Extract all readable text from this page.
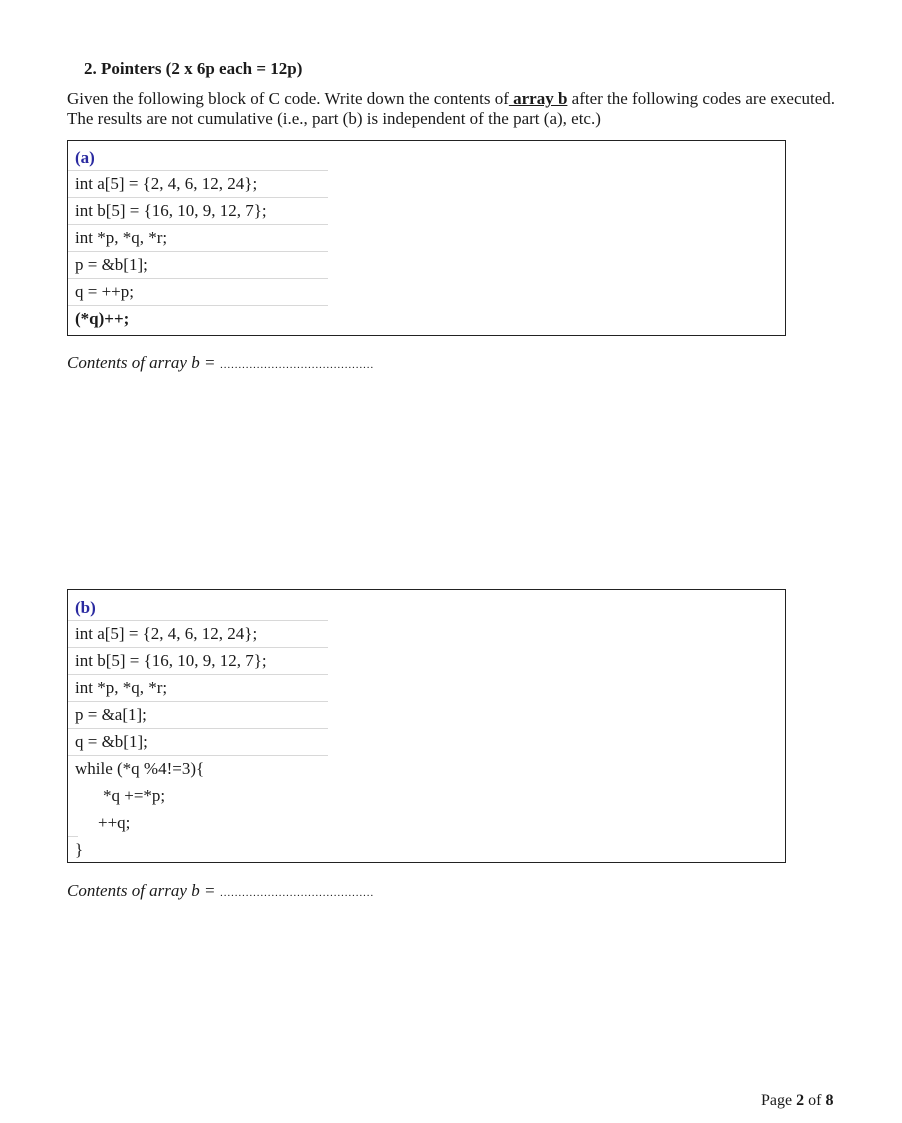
2. Pointers (2 x 6p each = 12p)
Given the following block of C code. Write down the contents of array b after the following codes are executed. The results are not cumulative (i.e., part (b) is independent of the part (a), etc.)
(a)
int a[5] = {2, 4, 6, 12, 24};
int b[5] = {16, 10, 9, 12, 7};
int *p, *q, *r;
p = &b[1];
q = ++p;
(*q)++;
Contents of array b = ……………………………………
(b)
int a[5] = {2, 4, 6, 12, 24};
int b[5] = {16, 10, 9, 12, 7};
int *p, *q, *r;
p = &a[1];
q = &b[1];
while (*q %4!=3){
*q +=*p;
++q;
}
Contents of array b = ……………………………………
Page 2 of 8
